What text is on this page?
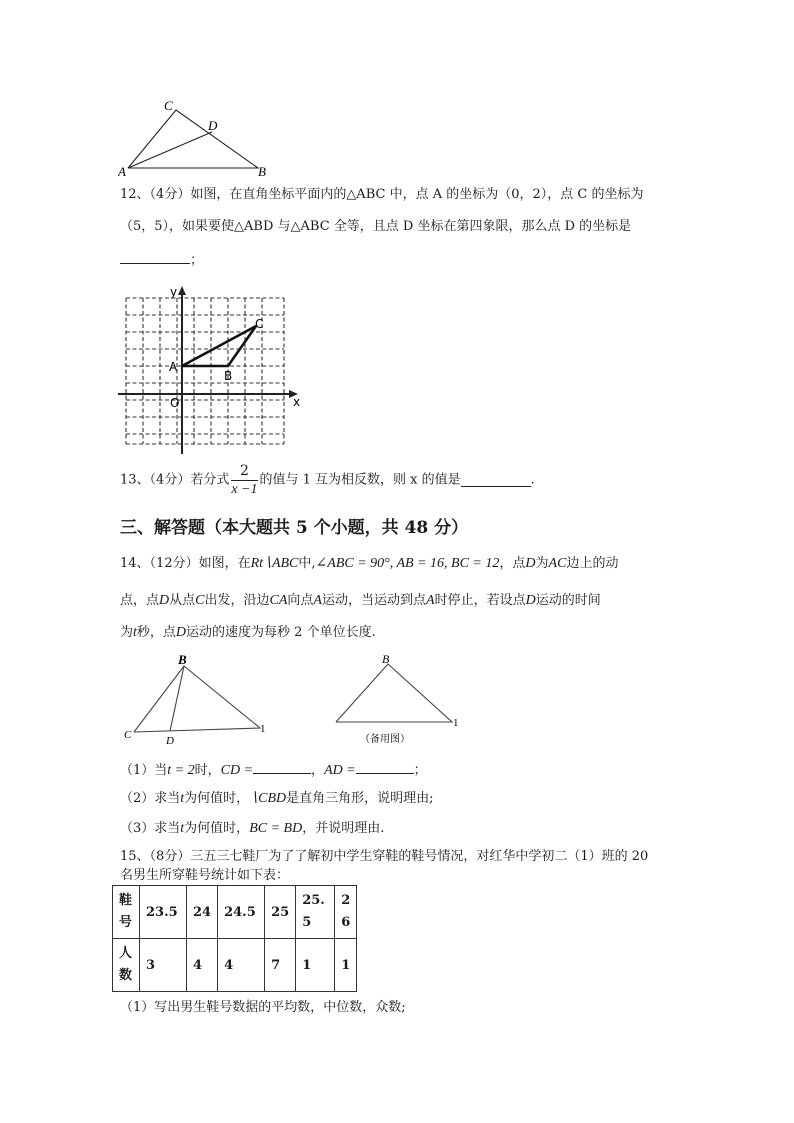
C
D
A	B
12、（4分）如图，在直角坐标平面内的△ABC 中，点 A 的坐标为（0，2），点 C 的坐标为
（5，5），如果要使△ABD 与△ABC 全等，且点 D 坐标在第四象限，那么点 D 的坐标是
；
y
x
O
A
B
C
13、（4分）若分式 $\frac{2}{x -1}$ 的值与 1 互为相反数，则 x 的值是	.
三、解答题（本大题共 5 个小题，共 48 分）
14、（12分）如图，在Rt∖ABC中,∠ABC = 90°, AB = 16, BC = 12，点D为AC边上的动
点，点D从点C出发，沿边CA向点A运动，当运动到点A时停止，若设点D运动的时间
为t秒，点D运动的速度为每秒 2 个单位长度.
B
C	D
1
B
1
（备用图）
（1）当t = 2时，CD =	，AD =	；
（2）求当t为何值时，∖CBD是直角三角形，说明理由;
（3）求当t为何值时，BC = BD，并说明理由.
15、（8分）三五三七鞋厂为了了解初中学生穿鞋的鞋号情况，对红华中学初二（1）班的 20
名男生所穿鞋号统计如下表：
鞋号	23.5	24	24.5	25	25.5	26

人数	3	4	4	7	1	1
（1）写出男生鞋号数据的平均数，中位数，众数;
